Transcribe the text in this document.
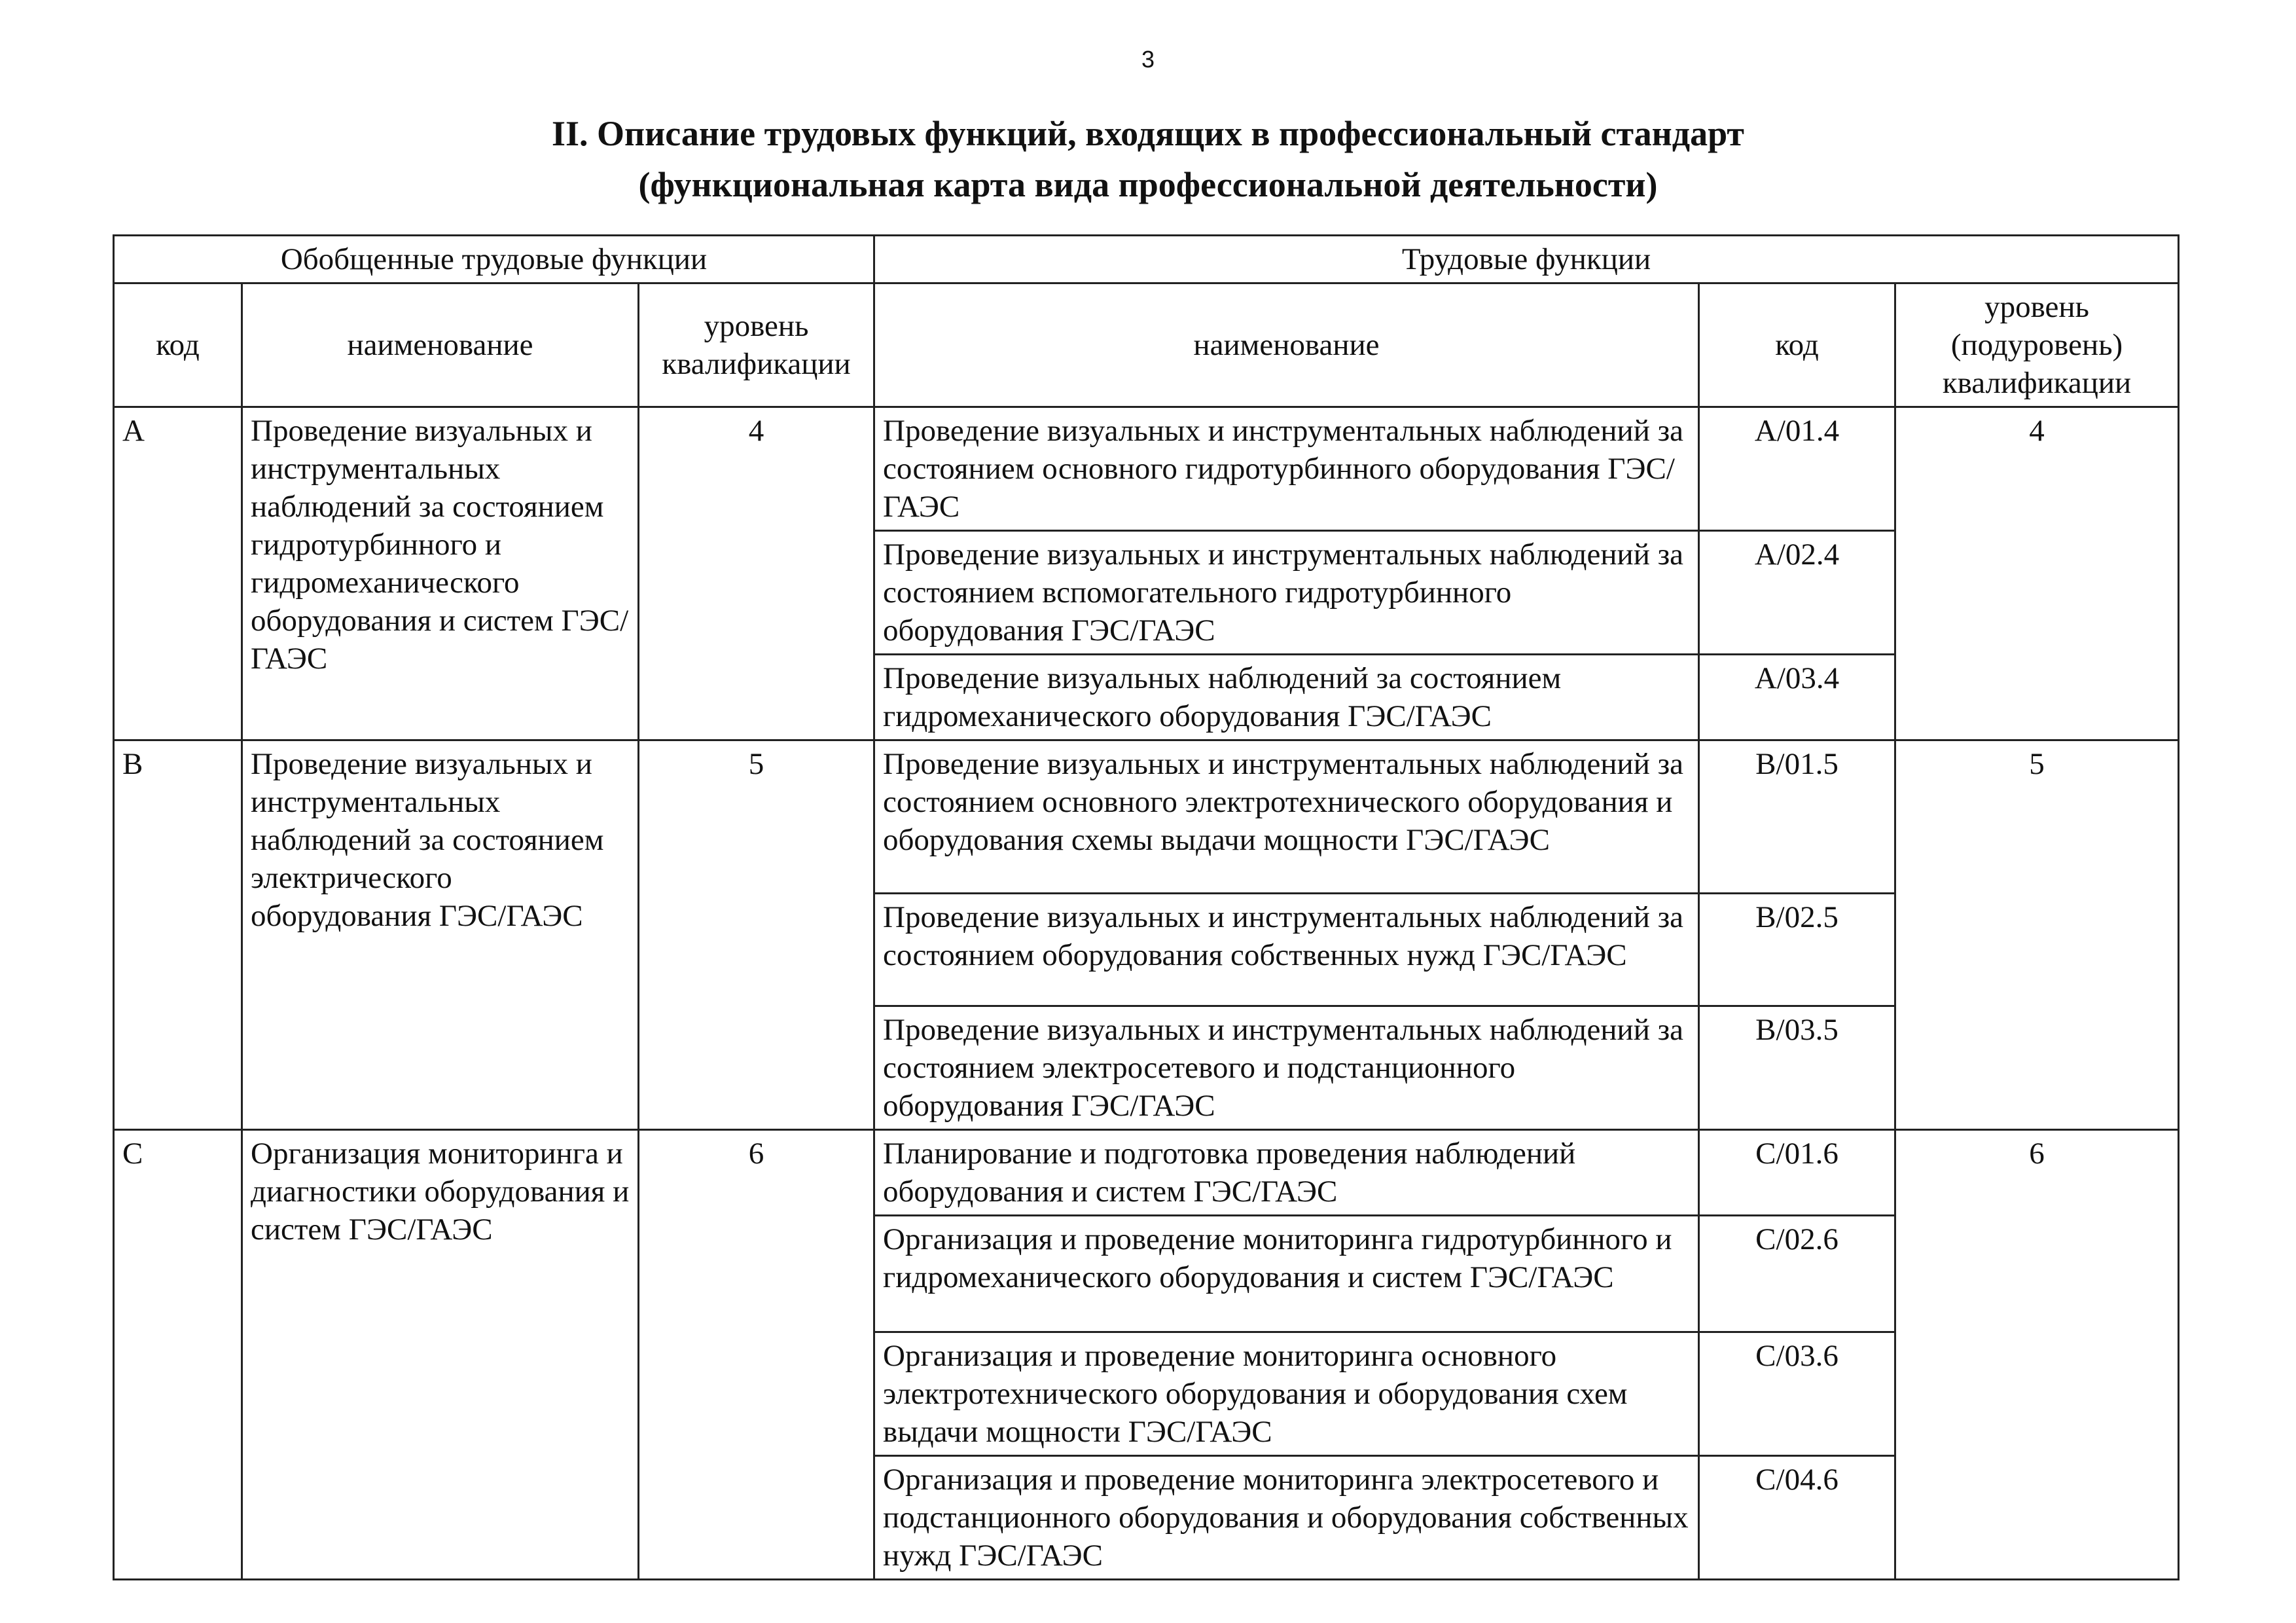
3
II. Описание трудовых функций, входящих в профессиональный стандарт
(функциональная карта вида профессиональной деятельности)
Обобщенные трудовые функции			Трудовые функции		
код	наименование	уровень квалификации	наименование	код	уровень (подуровень) квалификации
A	Проведение визуальных и инструментальных наблюдений за состоянием гидротурбинного и гидромеханического оборудования и систем ГЭС/ГАЭС	4	Проведение визуальных и инструментальных наблюдений за состоянием основного гидротурбинного оборудования ГЭС/ГАЭС	A/01.4	4
			Проведение визуальных и инструментальных наблюдений за состоянием вспомогательного гидротурбинного оборудования ГЭС/ГАЭС	A/02.4	
			Проведение визуальных наблюдений за состоянием гидромеханического оборудования ГЭС/ГАЭС	A/03.4	
B	Проведение визуальных и инструментальных наблюдений за состоянием электрического оборудования ГЭС/ГАЭС	5	Проведение визуальных и инструментальных наблюдений за состоянием основного электротехнического оборудования и оборудования схемы выдачи мощности ГЭС/ГАЭС	B/01.5	5
			Проведение визуальных и инструментальных наблюдений за состоянием оборудования собственных нужд ГЭС/ГАЭС	B/02.5	
			Проведение визуальных и инструментальных наблюдений за состоянием электросетевого и подстанционного оборудования ГЭС/ГАЭС	B/03.5	
C	Организация мониторинга и диагностики оборудования и систем ГЭС/ГАЭС	6	Планирование и подготовка проведения наблюдений оборудования и систем ГЭС/ГАЭС	C/01.6	6
			Организация и проведение мониторинга гидротурбинного и гидромеханического оборудования и систем ГЭС/ГАЭС	C/02.6	
			Организация и проведение мониторинга основного электротехнического оборудования и оборудования схем выдачи мощности ГЭС/ГАЭС	C/03.6	
			Организация и проведение мониторинга электросетевого и подстанционного оборудования и оборудования собственных нужд ГЭС/ГАЭС	C/04.6	
